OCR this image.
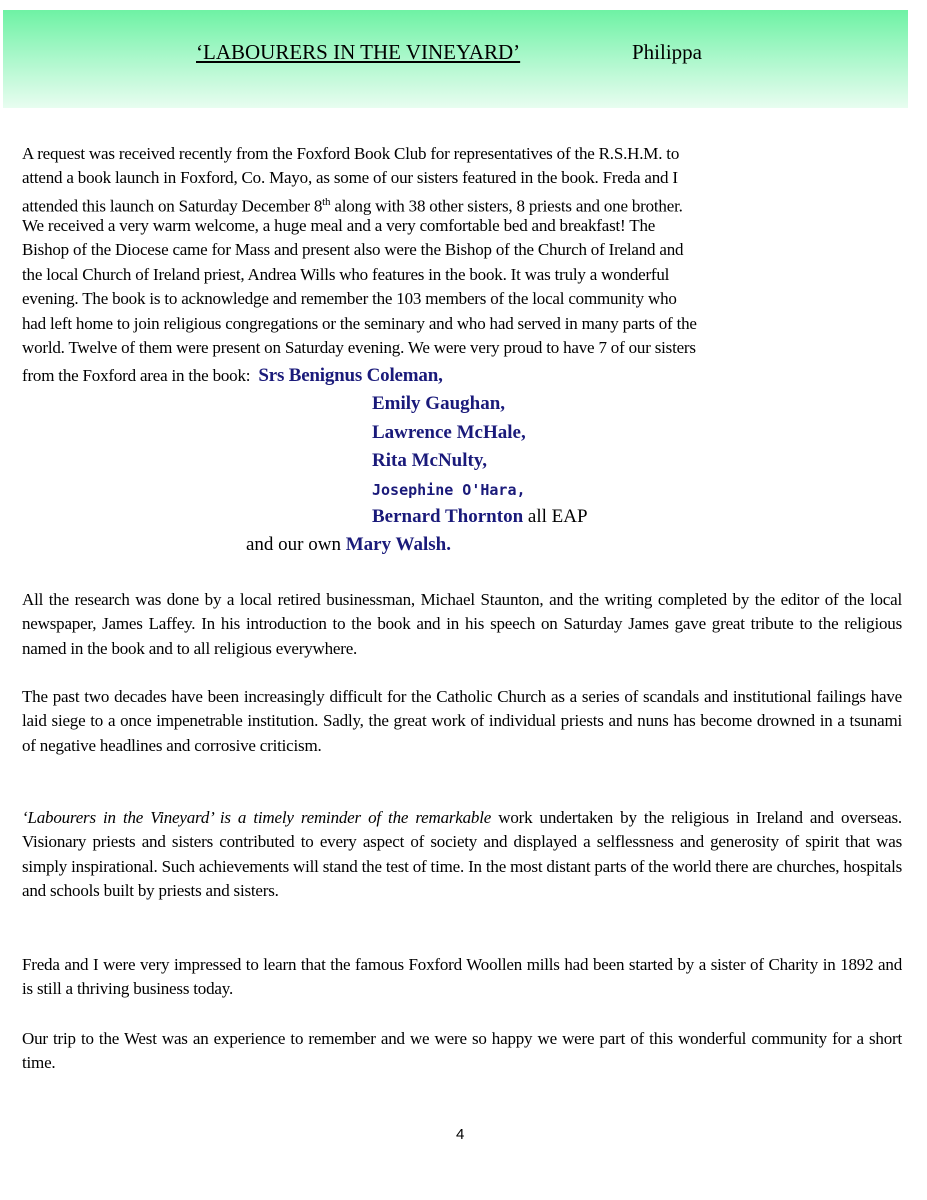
‘LABOURERS IN THE VINEYARD’	Philippa
A request was received recently from the Foxford Book Club for representatives of the R.S.H.M. to
attend a book launch in Foxford, Co. Mayo, as some of our sisters featured in the book. Freda and I
attended this launch on Saturday December 8th along with 38 other sisters, 8 priests and one brother.
We received a very warm welcome, a huge meal and a very comfortable bed and breakfast! The
Bishop of the Diocese came for Mass and present also were the Bishop of the Church of Ireland and
the local Church of Ireland priest, Andrea Wills who features in the book. It was truly a wonderful
evening. The book is to acknowledge and remember the 103 members of the local community who
had left home to join religious congregations or the seminary and who had served in many parts of the
world. Twelve of them were present on Saturday evening. We were very proud to have 7 of our sisters
from the Foxford area in the book: Srs Benignus Coleman,
Emily Gaughan,
Lawrence McHale,
Rita McNulty,
Josephine O'Hara,
Bernard Thornton all EAP
and our own Mary Walsh.

All the research was done by a local retired businessman, Michael Staunton, and the writing completed by the editor of the local newspaper, James Laffey. In his introduction to the book and in his speech on Saturday James gave great tribute to the religious named in the book and to all religious everywhere.

The past two decades have been increasingly difficult for the Catholic Church as a series of scandals and institutional failings have laid siege to a once impenetrable institution. Sadly, the great work of individual priests and nuns has become drowned in a tsunami of negative headlines and corrosive criticism.

‘Labourers in the Vineyard’ is a timely reminder of the remarkable work undertaken by the religious in Ireland and overseas. Visionary priests and sisters contributed to every aspect of society and displayed a selflessness and generosity of spirit that was simply inspirational. Such achievements will stand the test of time. In the most distant parts of the world there are churches, hospitals and schools built by priests and sisters.

Freda and I were very impressed to learn that the famous Foxford Woollen mills had been started by a sister of Charity in 1892 and is still a thriving business today.

Our trip to the West was an experience to remember and we were so happy we were part of this wonderful community for a short time.

4
